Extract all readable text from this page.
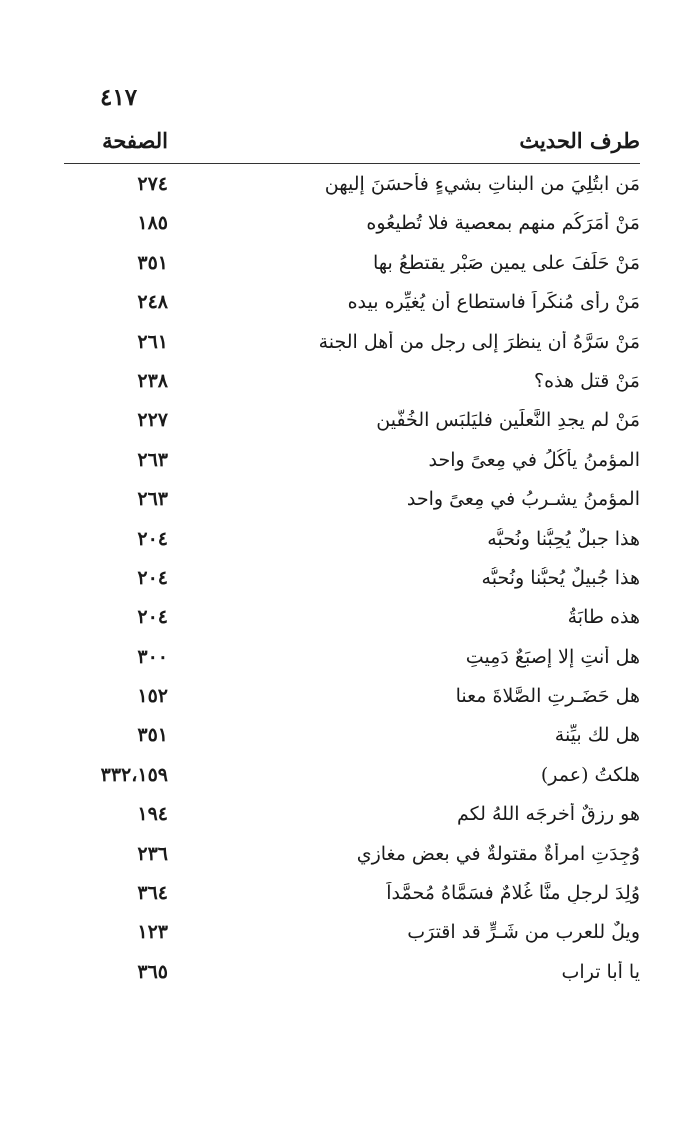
٤١٧
طرف الحديث
الصفحة
مَن ابتُلِيَ من البناتِ بشيءٍ فأحسَنَ إليهن
٢٧٤
مَنْ أمَرَكُم منهم بمعصية فلا تُطيعُوه
١٨٥
مَنْ حَلَفَ على يمينِ صَبْرٍ يقتطعُ بها
٣٥١
مَنْ رأى مُنكَراً فاستطاع أن يُغيِّره بيده
٢٤٨
مَنْ سَرَّهُ أن ينظرَ إلى رجل من أهل الجنة
٢٦١
مَنْ قتل هذه؟
٢٣٨
مَنْ لم يجدِ النَّعلَين فليَلبَسِ الخُفَّين
٢٢٧
المؤمنُ يأكُلُ في مِعىً واحد
٢٦٣
المؤمنُ يشـربُ في مِعىً واحد
٢٦٣
هذا جبلٌ يُحِبُّنا ونُحبُّه
٢٠٤
هذا جُبيلٌ يُحبُّنا ونُحبُّه
٢٠٤
هذه طابَةُ
٢٠٤
هل أنتِ إلا إصبَعٌ دَمِيتِ
٣٠٠
هل حَضَـرتِ الصَّلاةَ معنا
١٥٢
هل لك بيِّنة
٣٥١
هلكتُ (عمر)
٣٣٢،١٥٩
هو رزقٌ أخرجَه اللهُ لكم
١٩٤
وُجِدَتِ امرأةٌ مقتولةٌ في بعض مغازي
٢٣٦
وُلِدَ لرجلٍ منَّا غُلامٌ فسَمَّاهُ مُحمَّداً
٣٦٤
ويلٌ للعرب من شَـرٍّ قد اقترَب
١٢٣
يا أبا تراب
٣٦٥
